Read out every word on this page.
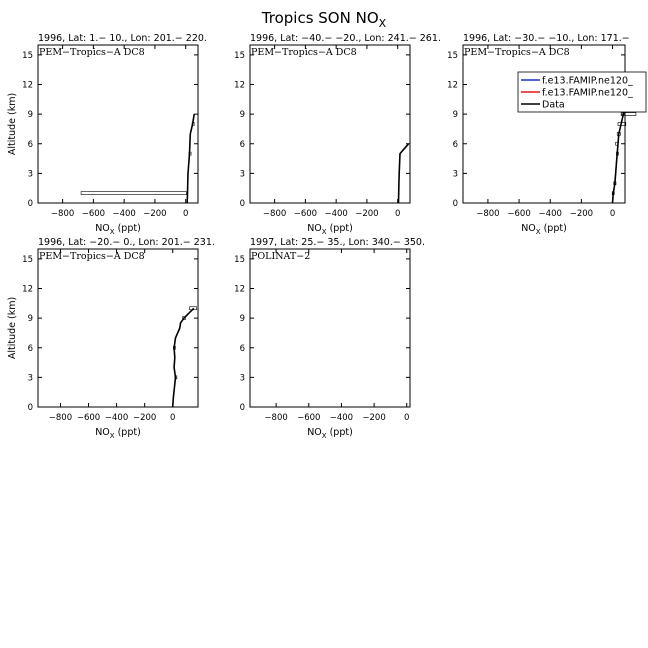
Tropics SON $NO_X$
1996, Lat: 1.− 10., Lon: 201.− 220.
PEM−Tropics−A DC8
−800 −600 −400 −200 0
0
3
6
9
12
15
$NO_X$ (ppt)
Altitude (km)
1996, Lat: −40.− −20., Lon: 241.− 261.
PEM−Tropics−A DC8
−800 −600 −400 −200 0
0
3
6
9
12
15
$NO_X$ (ppt)
1996, Lat: −30.− −10., Lon: 171.−
PEM−Tropics−A DC8
−800 −600 −400 −200 0
0
3
6
9
12
15
$NO_X$ (ppt)
f.e13.FAMIP.ne120_
f.e13.FAMIP.ne120_
Data
1996, Lat: −20.− 0., Lon: 201.− 231.
PEM−Tropics−A DC8
−800 −600 −400 −200 0
0
3
6
9
12
15
$NO_X$ (ppt)
Altitude (km)
1997, Lat: 25.− 35., Lon: 340.− 350.
POLINAT−2
−800 −600 −400 −200 0
0
3
6
9
12
15
$NO_X$ (ppt)
